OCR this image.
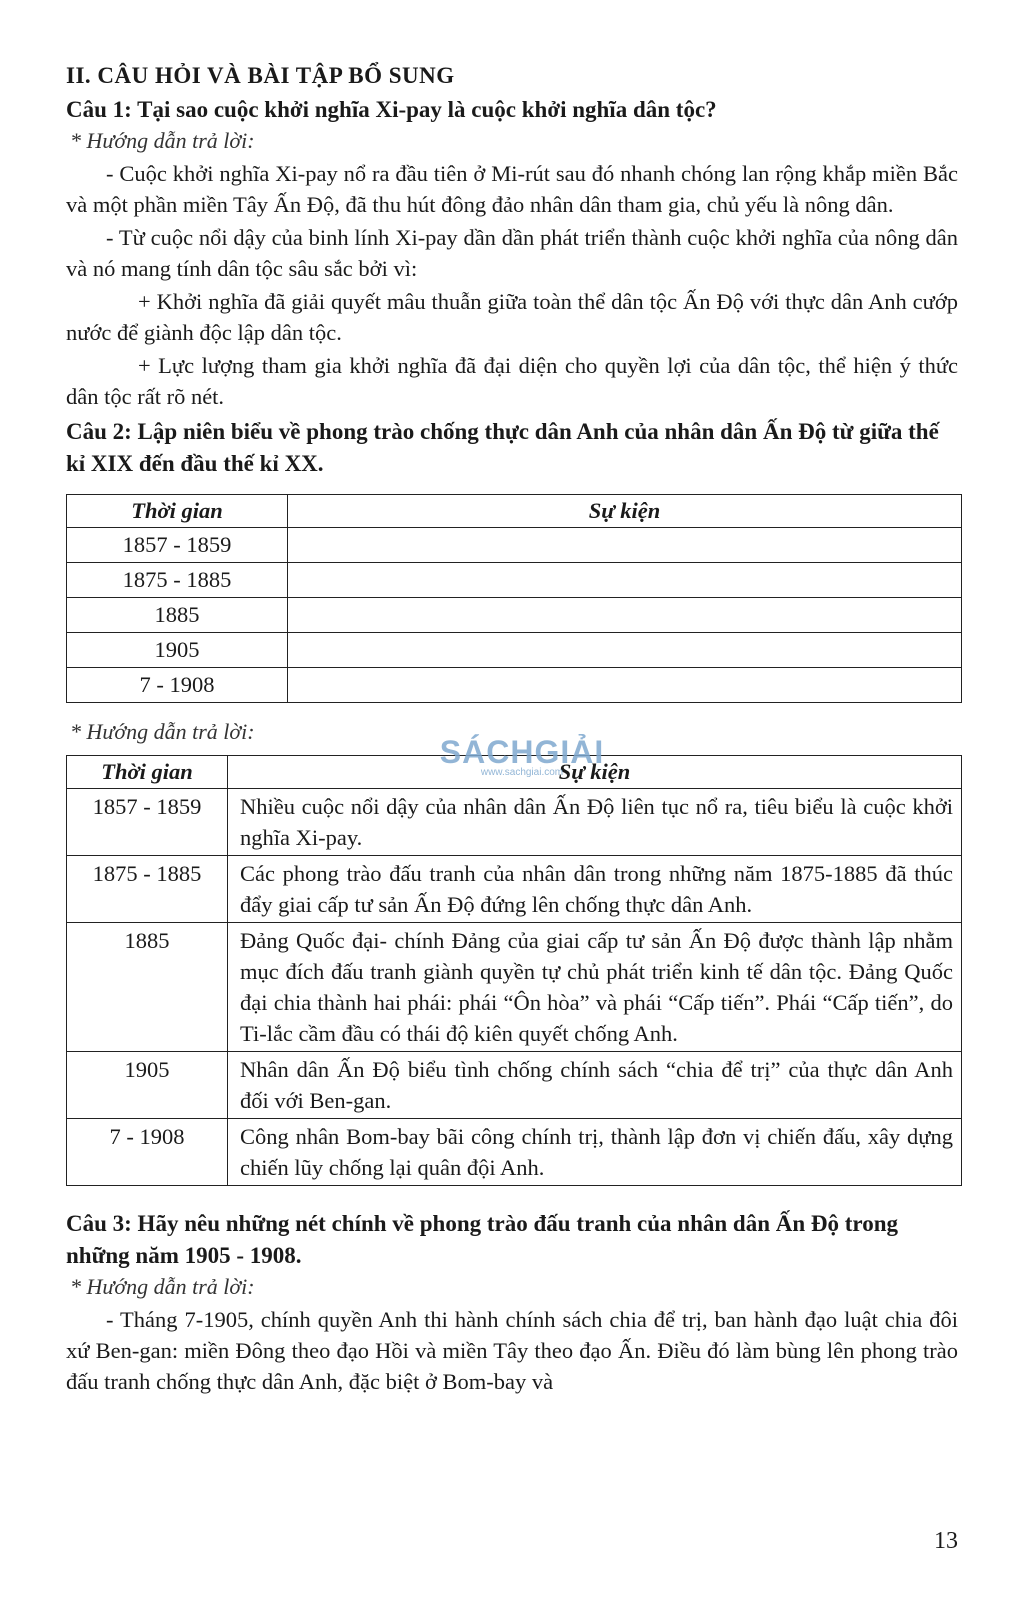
II. CÂU HỎI VÀ BÀI TẬP BỔ SUNG

Câu 1: Tại sao cuộc khởi nghĩa Xi-pay là cuộc khởi nghĩa dân tộc?

* Hướng dẫn trả lời:

- Cuộc khởi nghĩa Xi-pay nổ ra đầu tiên ở Mi-rút sau đó nhanh chóng lan rộng khắp miền Bắc và một phần miền Tây Ấn Độ, đã thu hút đông đảo nhân dân tham gia, chủ yếu là nông dân.

- Từ cuộc nổi dậy của binh lính Xi-pay dần dần phát triển thành cuộc khởi nghĩa của nông dân và nó mang tính dân tộc sâu sắc bởi vì:

+ Khởi nghĩa đã giải quyết mâu thuẫn giữa toàn thể dân tộc Ấn Độ với thực dân Anh cướp nước để giành độc lập dân tộc.

+ Lực lượng tham gia khởi nghĩa đã đại diện cho quyền lợi của dân tộc, thể hiện ý thức dân tộc rất rõ nét.

Câu 2: Lập niên biểu về phong trào chống thực dân Anh của nhân dân Ấn Độ từ giữa thế kỉ XIX đến đầu thế kỉ XX.

Thời gian	Sự kiện
1857 - 1859	
1875 - 1885	
1885	
1905	
7 - 1908	

* Hướng dẫn trả lời:

Thời gian	Sự kiện
1857 - 1859	Nhiều cuộc nổi dậy của nhân dân Ấn Độ liên tục nổ ra, tiêu biểu là cuộc khởi nghĩa Xi-pay.
1875 - 1885	Các phong trào đấu tranh của nhân dân trong những năm 1875-1885 đã thúc đẩy giai cấp tư sản Ấn Độ đứng lên chống thực dân Anh.
1885	Đảng Quốc đại- chính Đảng của giai cấp tư sản Ấn Độ được thành lập nhằm mục đích đấu tranh giành quyền tự chủ phát triển kinh tế dân tộc. Đảng Quốc đại chia thành hai phái: phái “Ôn hòa” và phái “Cấp tiến”. Phái “Cấp tiến”, do Ti-lắc cầm đầu có thái độ kiên quyết chống Anh.
1905	Nhân dân Ấn Độ biểu tình chống chính sách “chia để trị” của thực dân Anh đối với Ben-gan.
7 - 1908	Công nhân Bom-bay bãi công chính trị, thành lập đơn vị chiến đấu, xây dựng chiến lũy chống lại quân đội Anh.

Câu 3: Hãy nêu những nét chính về phong trào đấu tranh của nhân dân Ấn Độ trong những năm 1905 - 1908.

* Hướng dẫn trả lời:

- Tháng 7-1905, chính quyền Anh thi hành chính sách chia để trị, ban hành đạo luật chia đôi xứ Ben-gan: miền Đông theo đạo Hồi và miền Tây theo đạo Ấn. Điều đó làm bùng lên phong trào đấu tranh chống thực dân Anh, đặc biệt ở Bom-bay và

SÁCHGIẢI
www.sachgiai.com
13
